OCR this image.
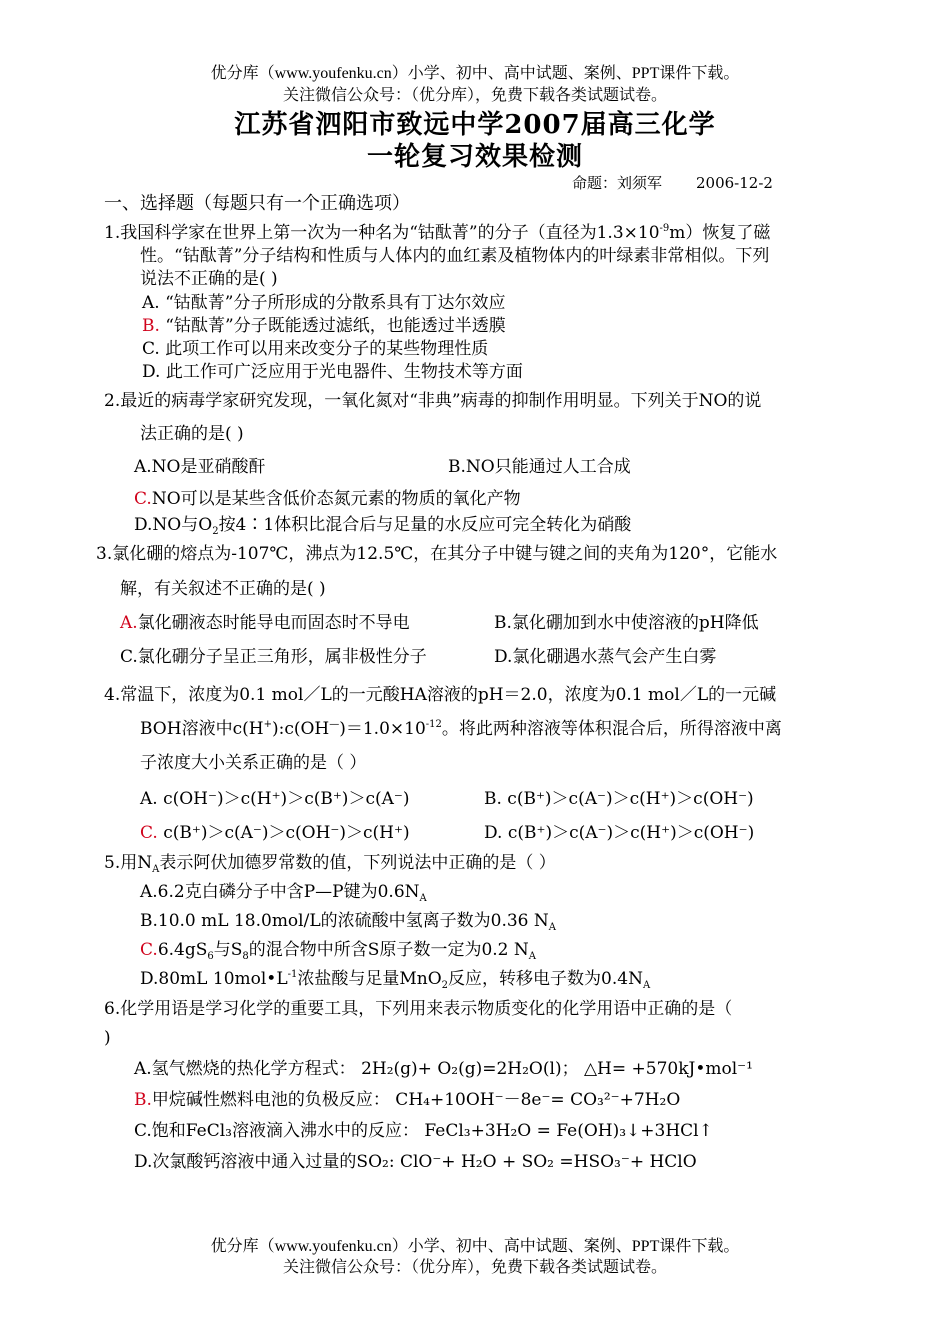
优分库（www.youfenku.cn）小学、初中、高中试题、案例、PPT课件下载。
关注微信公众号：（优分库），免费下载各类试题试卷。
江苏省泗阳市致远中学2007届高三化学
一轮复习效果检测
命题：刘须军 2006-12-2
一、选择题（每题只有一个正确选项）
1.我国科学家在世界上第一次为一种名为“钴酞菁”的分子（直径为$1.3\times 10^{-9}m$）恢复了磁
性。“钴酞菁”分子结构和性质与人体内的血红素及植物体内的叶绿素非常相似。下列
说法不正确的是( )
A. “钴酞菁”分子所形成的分散系具有丁达尔效应
B. “钴酞菁”分子既能透过滤纸，也能透过半透膜
C. 此项工作可以用来改变分子的某些物理性质
D. 此工作可广泛应用于光电器件、生物技术等方面
2.最近的病毒学家研究发现，一氧化氮对“非典”病毒的抑制作用明显。下列关于NO的说
法正确的是( )
A.NO是亚硝酸酐	B.NO只能通过人工合成
C.NO可以是某些含低价态氮元素的物质的氧化产物
D.NO与$O_2$按4∶1体积比混合后与足量的水反应可完全转化为硝酸
3.氯化硼的熔点为-107℃，沸点为12.5℃，在其分子中键与键之间的夹角为120°，它能水
解，有关叙述不正确的是( )
A.氯化硼液态时能导电而固态时不导电	B.氯化硼加到水中使溶液的pH降低
C.氯化硼分子呈正三角形，属非极性分子	D.氯化硼遇水蒸气会产生白雾
4.常温下，浓度为0.1 mol／L的一元酸HA溶液的pH＝2.0，浓度为0.1 mol／L的一元碱
BOH溶液中$c(H^+):c(OH^—)=1.0\times 10^{-12}$。将此两种溶液等体积混合后，所得溶液中离
子浓度大小关系正确的是（ ）
A. c(OH⁻)＞c(H⁺)＞c(B⁺)＞c(A⁻)	B. c(B⁺)＞c(A⁻)＞c(H⁺)＞c(OH⁻)
C. c(B⁺)＞c(A⁻)＞c(OH⁻)＞c(H⁺)	D. c(B⁺)＞c(A⁻)＞c(H⁺)＞c(OH⁻)
5.用$N_A$表示阿伏加德罗常数的值，下列说法中正确的是（ ）
A.6.2克白磷分子中含P—P键为$0.6N_A$
B.10.0 mL 18.0mol/L的浓硫酸中氢离子数为0.36 $N_A$
$C.6.4gS_6$与$S_8$的混合物中所含S原子数一定为0.2 $N_A$
D.80mL $10mol•L^{-1}$浓盐酸与足量MnO$_2$反应，转移电子数为$0.4N_A$
6.化学用语是学习化学的重要工具，下列用来表示物质变化的化学用语中正确的是（
)
A.氢气燃烧的热化学方程式： 2H₂(g)+ O₂(g)=2H₂O(l)； △H= +570kJ•mol⁻¹
B.甲烷碱性燃料电池的负极反应： CH₄+10OH⁻－8e⁻= CO₃²⁻+7H₂O
C.饱和FeCl₃溶液滴入沸水中的反应： FeCl₃+3H₂O = Fe(OH)₃↓+3HCl↑
D.次氯酸钙溶液中通入过量的SO₂: ClO⁻+ H₂O + SO₂ =HSO₃⁻+ HClO
优分库（www.youfenku.cn）小学、初中、高中试题、案例、PPT课件下载。
关注微信公众号：（优分库），免费下载各类试题试卷。
